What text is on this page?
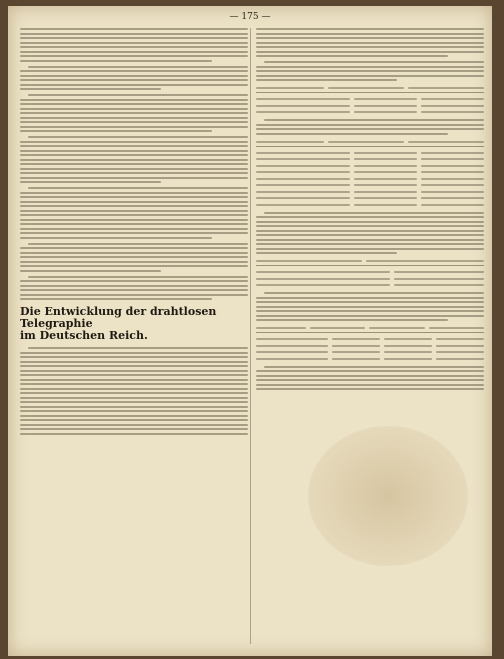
— 175 —
Die Entwicklung der drahtlosen Telegraphie
im Deutschen Reich.
